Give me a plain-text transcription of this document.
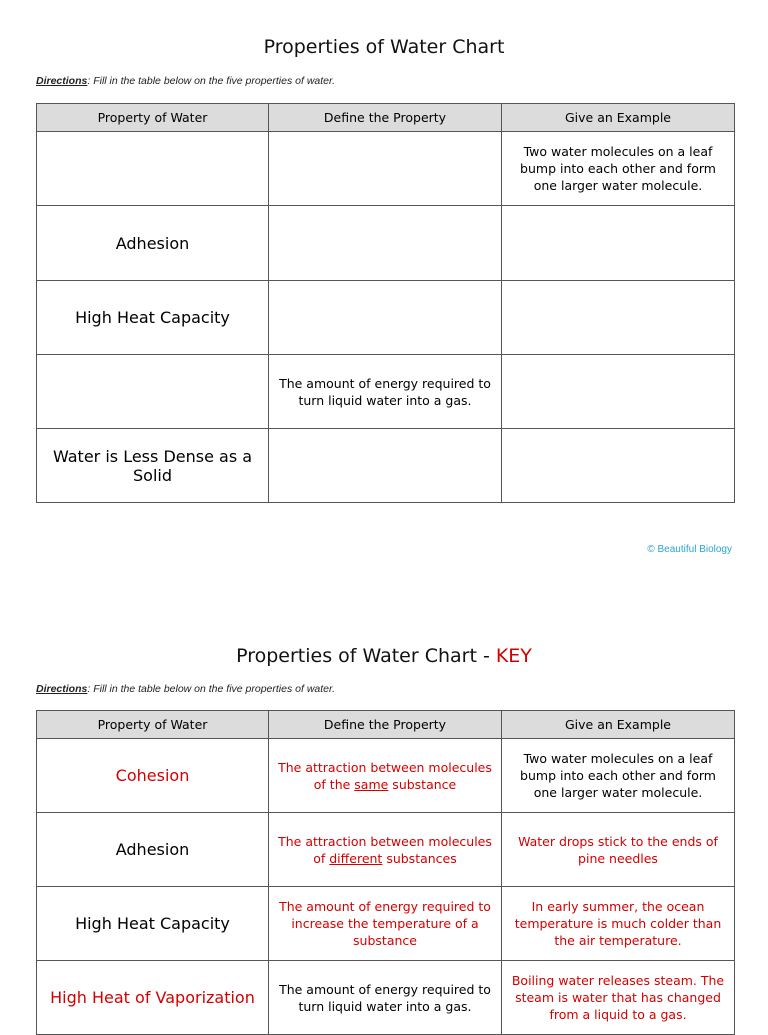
Properties of Water Chart
Directions: Fill in the table below on the five properties of water.
Property of Water	Define the Property	Give an Example
		Two water molecules on a leaf bump into each other and form one larger water molecule.
Adhesion		
High Heat Capacity		
	The amount of energy required to turn liquid water into a gas.	
Water is Less Dense as a Solid		
© Beautiful Biology
Properties of Water Chart - KEY
Directions: Fill in the table below on the five properties of water.
Property of Water	Define the Property	Give an Example
Cohesion	The attraction between molecules of the same substance	Two water molecules on a leaf bump into each other and form one larger water molecule.
Adhesion	The attraction between molecules of different substances	Water drops stick to the ends of pine needles
High Heat Capacity	The amount of energy required to increase the temperature of a substance	In early summer, the ocean temperature is much colder than the air temperature.
High Heat of Vaporization	The amount of energy required to turn liquid water into a gas.	Boiling water releases steam. The steam is water that has changed from a liquid to a gas.
